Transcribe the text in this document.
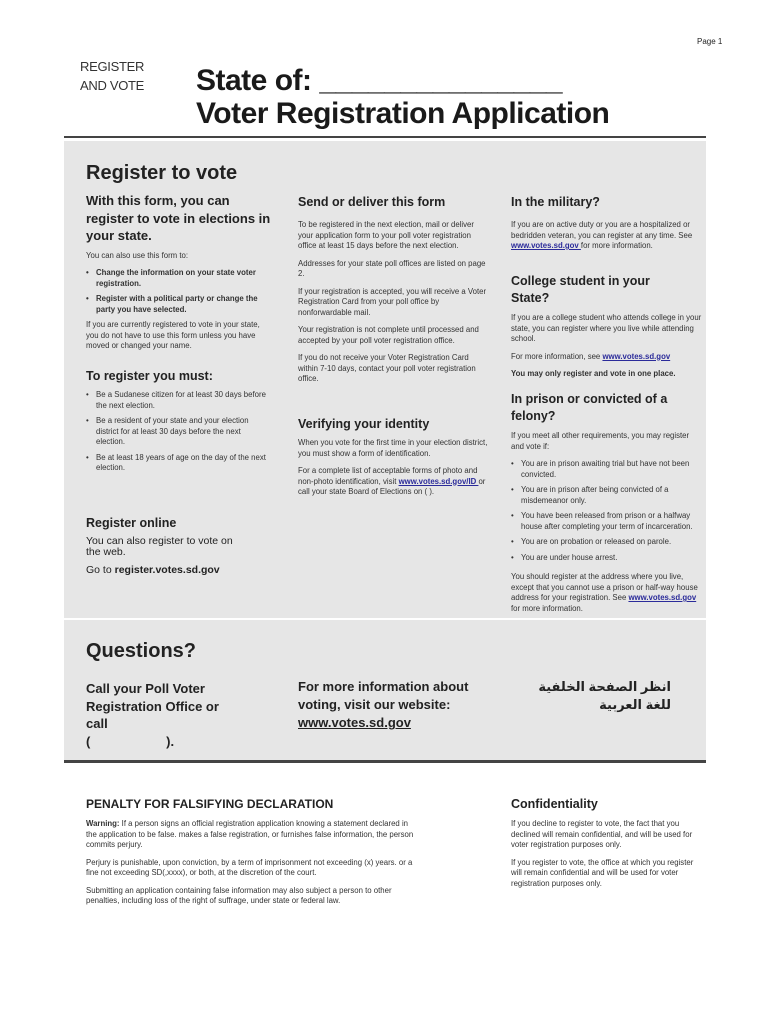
Page 1
REGISTER
AND VOTE State of: _______________
Voter Registration Application
Register to vote
With this form, you can register to vote in elections in your state.
You can also use this form to:
• Change the information on your state voter registration.
• Register with a political party or change the party you have selected.
If you are currently registered to vote in your state, you do not have to use this form unless you have moved or changed your name.
To register you must:
• Be a Sudanese citizen for at least 30 days before the next election.
• Be a resident of your state and your election district for at least 30 days before the next election.
• Be at least 18 years of age on the day of the next election.
Register online
You can also register to vote on the web.
Go to register.votes.sd.gov
Send or deliver this form

To be registered in the next election, mail or deliver your application form to your poll voter registration office at least 15 days before the next election.

Addresses for your state poll offices are listed on page 2.

If your registration is accepted, you will receive a Voter Registration Card from your poll office by nonforwardable mail.

Your registration is not complete until processed and accepted by your poll voter registration office.

If you do not receive your Voter Registration Card within 7-10 days, contact your poll voter registration office.

Verifying your identity

When you vote for the first time in your election district, you must show a form of identification.

For a complete list of acceptable forms of photo and non-photo identification, visit www.votes.sd.gov/ID or call your state Board of Elections on ( ).

In the military?
If you are on active duty or you are a hospitalized or bedridden veteran, you can register at any time. See www.votes.sd.gov for more information.
College student in your State?

If you are a college student who attends college in your state, you can register where you live while attending school.

For more information, see www.votes.sd.gov

You may only register and vote in one place.

In prison or convicted of a felony?

If you meet all other requirements, you may register and vote if:

• You are in prison awaiting trial but have not been convicted.
• You are in prison after being convicted of a misdemeanor only.
• You have been released from prison or a halfway house after completing your term of incarceration.
• You are on probation or released on parole.
• You are under house arrest.

You should register at the address where you live, except that you cannot use a prison or half-way house address for your registration. See www.votes.sd.gov for more information.

Questions?
Call your Poll Voter Registration Office or call
(                     ).
For more information about voting, visit our website:
www.votes.sd.gov
انظر الصفحة الخلفية للغة العربية
PENALTY FOR FALSIFYING DECLARATION

Warning: If a person signs an official registration application knowing a statement declared in the application to be false. makes a false registration, or furnishes false information, the person commits perjury.

Perjury is punishable, upon conviction, by a term of imprisonment not exceeding (x) years. or a fine not exceeding SD(,xxxx), or both, at the discretion of the court.

Submitting an application containing false information may also subject a person to other penalties, including loss of the right of suffrage, under state or federal law.

Confidentiality

If you decline to register to vote, the fact that you declined will remain confidential, and will be used for voter registration purposes only.

If you register to vote, the office at which you register will remain confidential and will be used for voter registration purposes only.
